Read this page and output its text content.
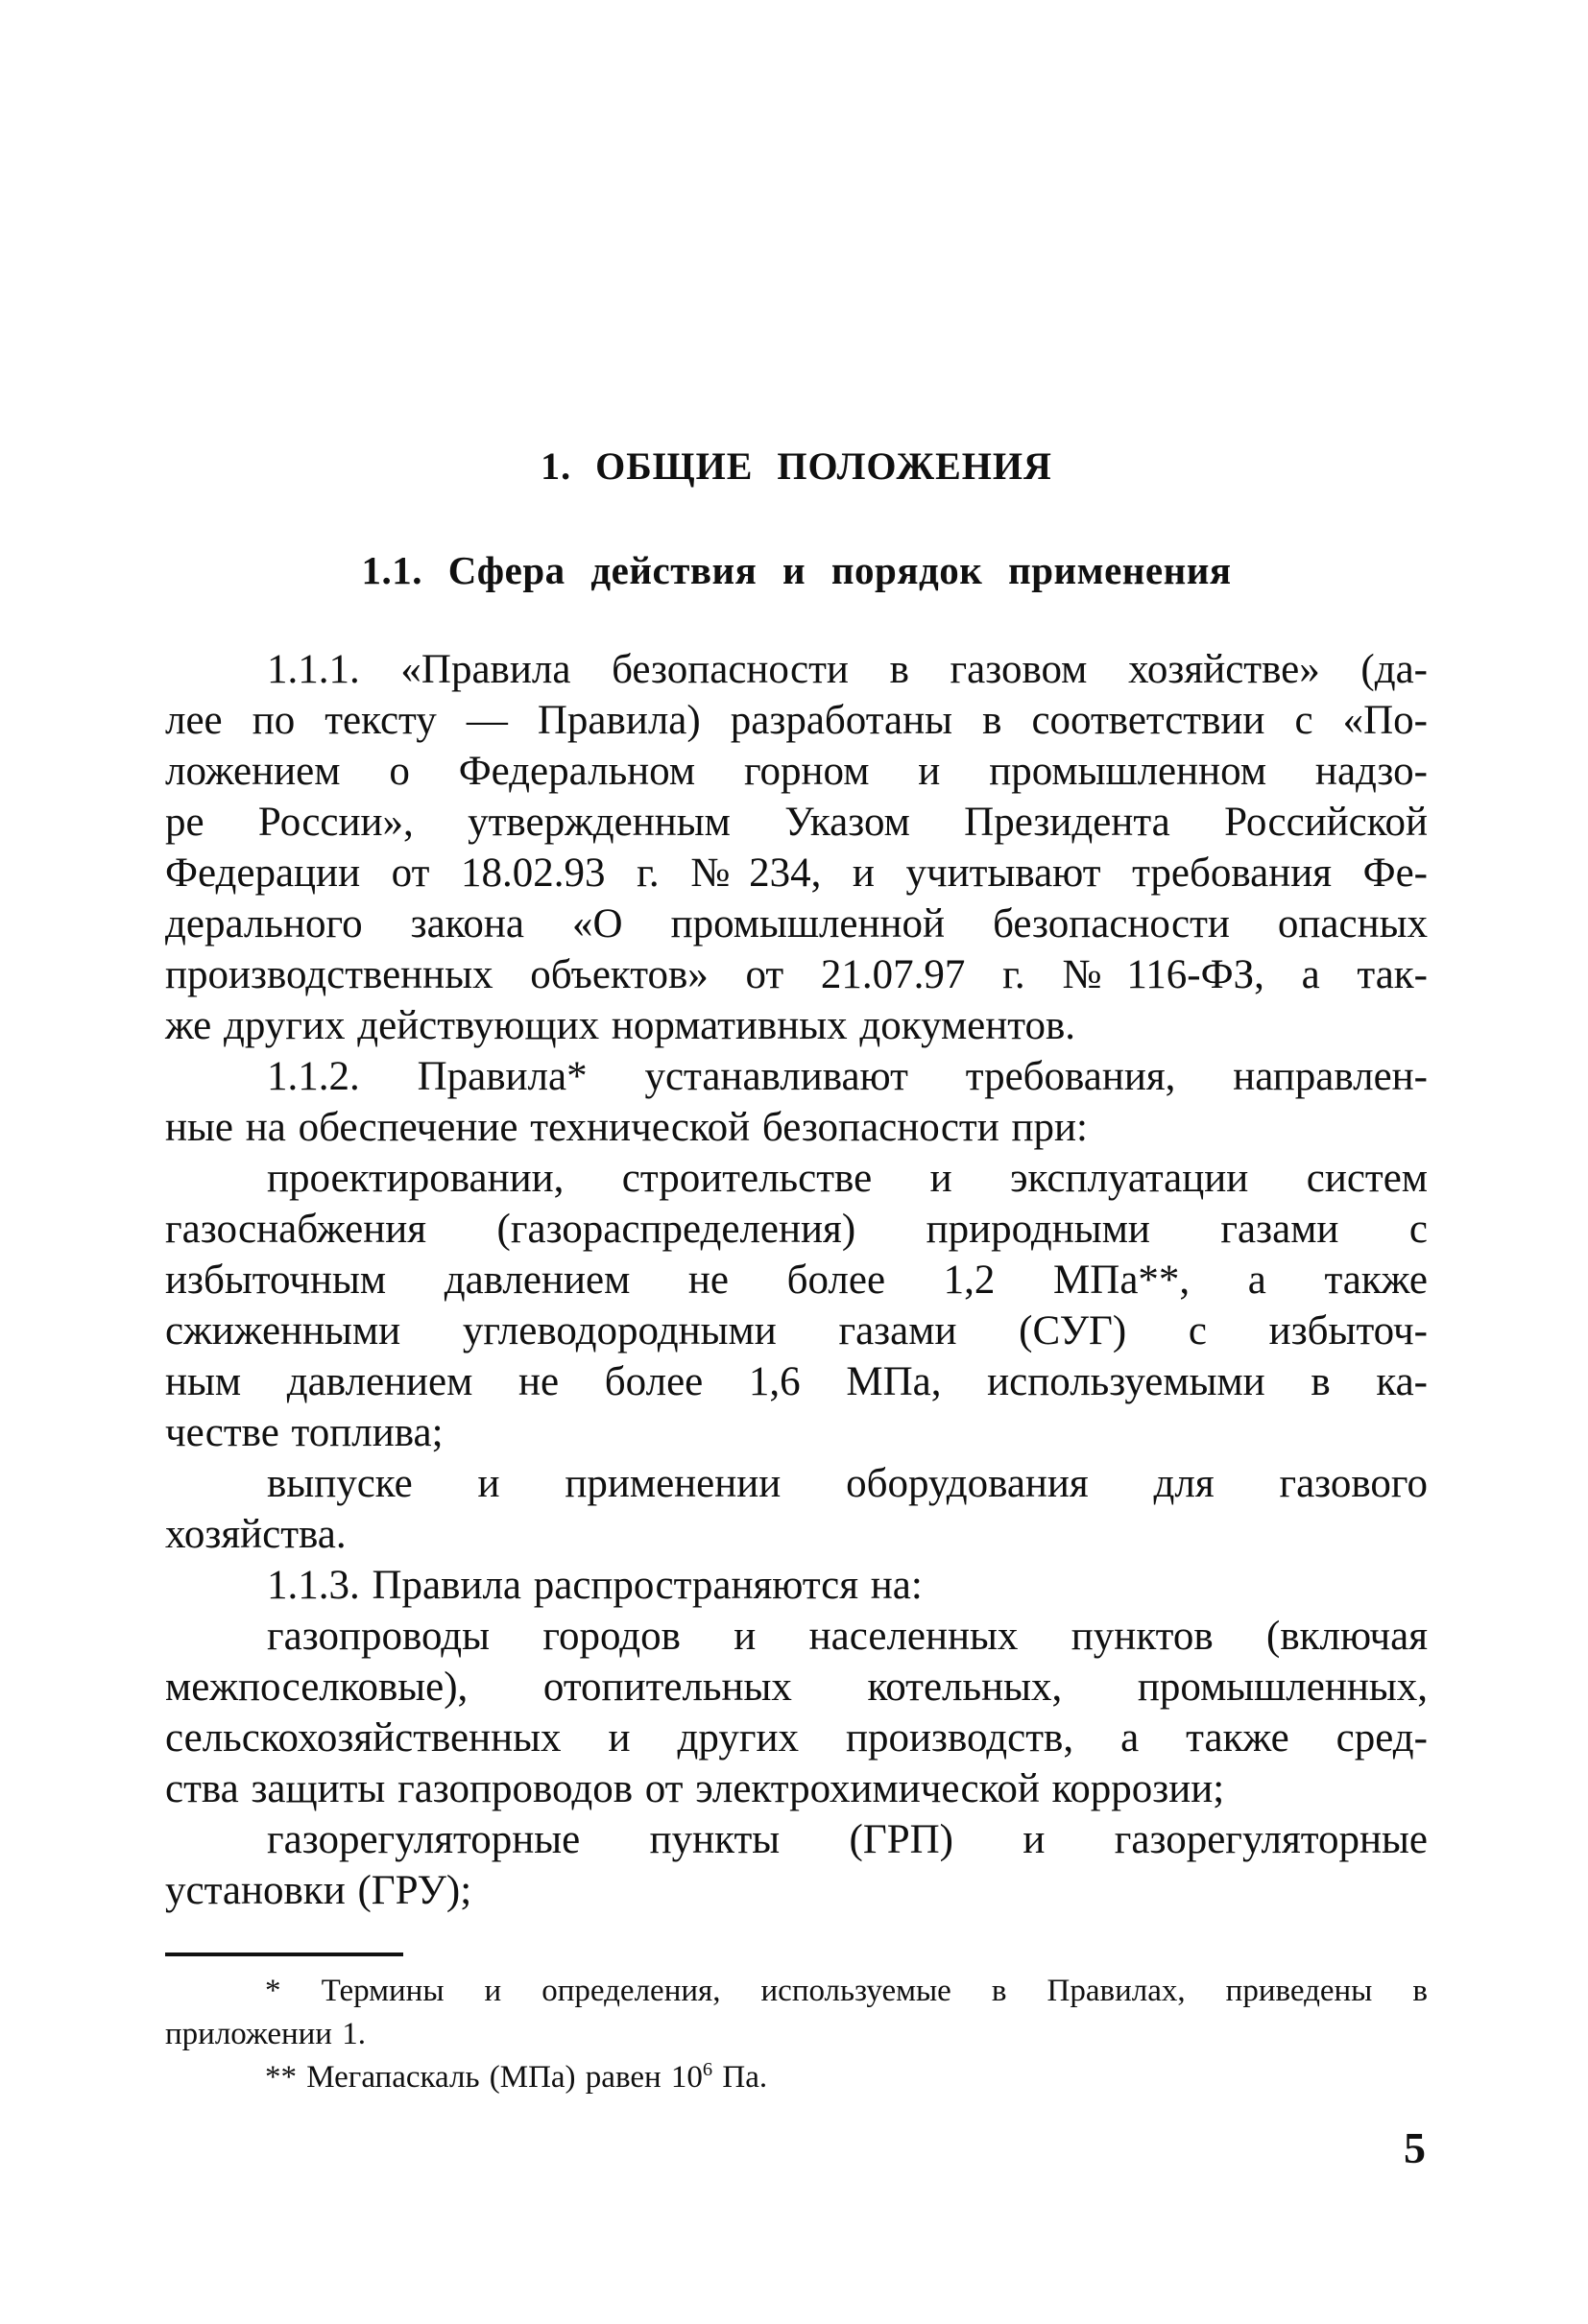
1. ОБЩИЕ ПОЛОЖЕНИЯ
1.1. Сфера действия и порядок применения
1.1.1. «Правила безопасности в газовом хозяйстве» (да-
лее по тексту — Правила) разработаны в соответствии с «По-
ложением о Федеральном горном и промышленном надзо-
ре России», утвержденным Указом Президента Российской
Федерации от 18.02.93 г. №234, и учитывают требования Фе-
дерального закона «О промышленной безопасности опасных
производственных объектов» от 21.07.97 г. №116-ФЗ, а так-
же других действующих нормативных документов.
1.1.2. Правила* устанавливают требования, направлен-
ные на обеспечение технической безопасности при:
проектировании, строительстве и эксплуатации систем
газоснабжения (газораспределения) природными газами с
избыточным давлением не более 1,2 МПа**, а также
сжиженными углеводородными газами (СУГ) с избыточ-
ным давлением не более 1,6 МПа, используемыми в ка-
честве топлива;
выпуске и применении оборудования для газового
хозяйства.
1.1.3. Правила распространяются на:
газопроводы городов и населенных пунктов (включая
межпоселковые), отопительных котельных, промышленных,
сельскохозяйственных и других производств, а также сред-
ства защиты газопроводов от электрохимической коррозии;
газорегуляторные пункты (ГРП) и газорегуляторные
установки (ГРУ);
* Термины и определения, используемые в Правилах, приведены в
приложении 1.
** Мегапаскаль (МПа) равен $10^6$ Па.
5
